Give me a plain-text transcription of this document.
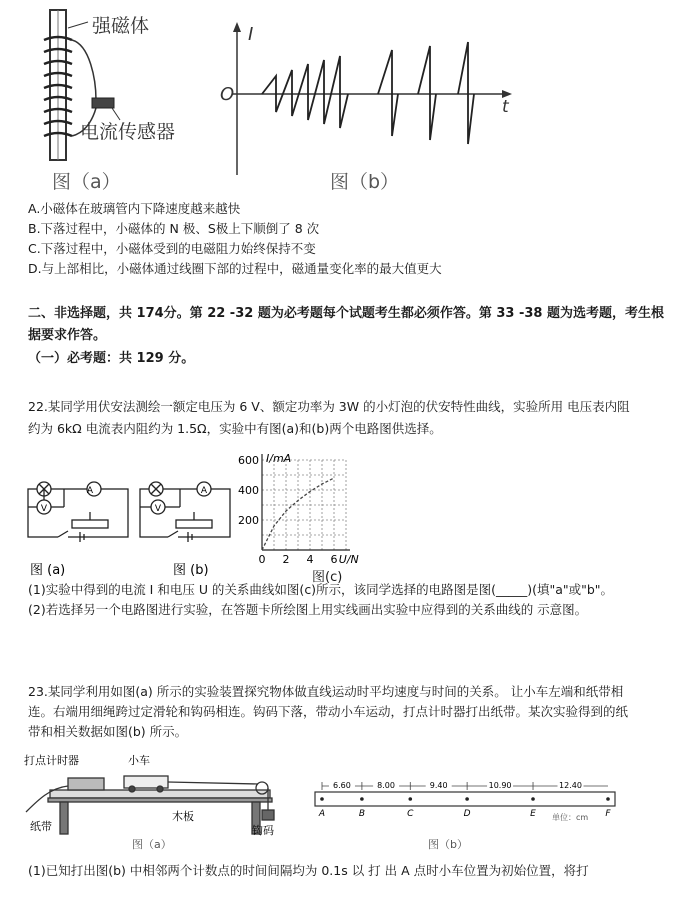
强磁体
电流传感器
图（a）
I
t
O
图（b）
A.小磁体在玻璃管内下降速度越来越快
B.下落过程中，小磁体的 N 极、S极上下顺倒了 8 次
C.下落过程中，小磁体受到的电磁阻力始终保持不变
D.与上部相比，小磁体通过线圈下部的过程中，磁通量变化率的最大值更大
二、非选择题，共 174分。第 22 -32 题为必考题每个试题考生都必须作答。第 33 -38 题为选考题，考生根
据要求作答。
（一）必考题：共 129 分。
22.某同学用伏安法测绘一额定电压为 6 V、额定功率为 3W 的小灯泡的伏安特性曲线，实验所用 电压表内阻
约为 6kΩ 电流表内阻约为 1.5Ω，实验中有图(a)和(b)两个电路图供选择。
A
V
图 (a)
A
V
图 (b)
0 2 4 6
200
400
600 I/mA
U/N
图(c)
(1)实验中得到的电流 I 和电压 U 的关系曲线如图(c)所示，该同学选择的电路图是图(_____)(填"a"或"b"。
(2)若选择另一个电路图进行实验，在答题卡所绘图上用实线画出实验中应得到的关系曲线的 示意图。
23.某同学利用如图(a) 所示的实验装置探究物体做直线运动时平均速度与时间的关系。 让小车左端和纸带相
连。右端用细绳跨过定滑轮和钩码相连。钩码下落，带动小车运动，打点计时器打出纸带。某次实验得到的纸
带和相关数据如图(b) 所示。
打点计时器	小车
纸带
木板
钩码
图（a）
A	B	C	D	E	F
6.60	8.00	9.40	10.90	12.40
单位：cm
图（b）
(1)已知打出图(b) 中相邻两个计数点的时间间隔均为 0.1s 以 打 出 A 点时小车位置为初始位置，将打
